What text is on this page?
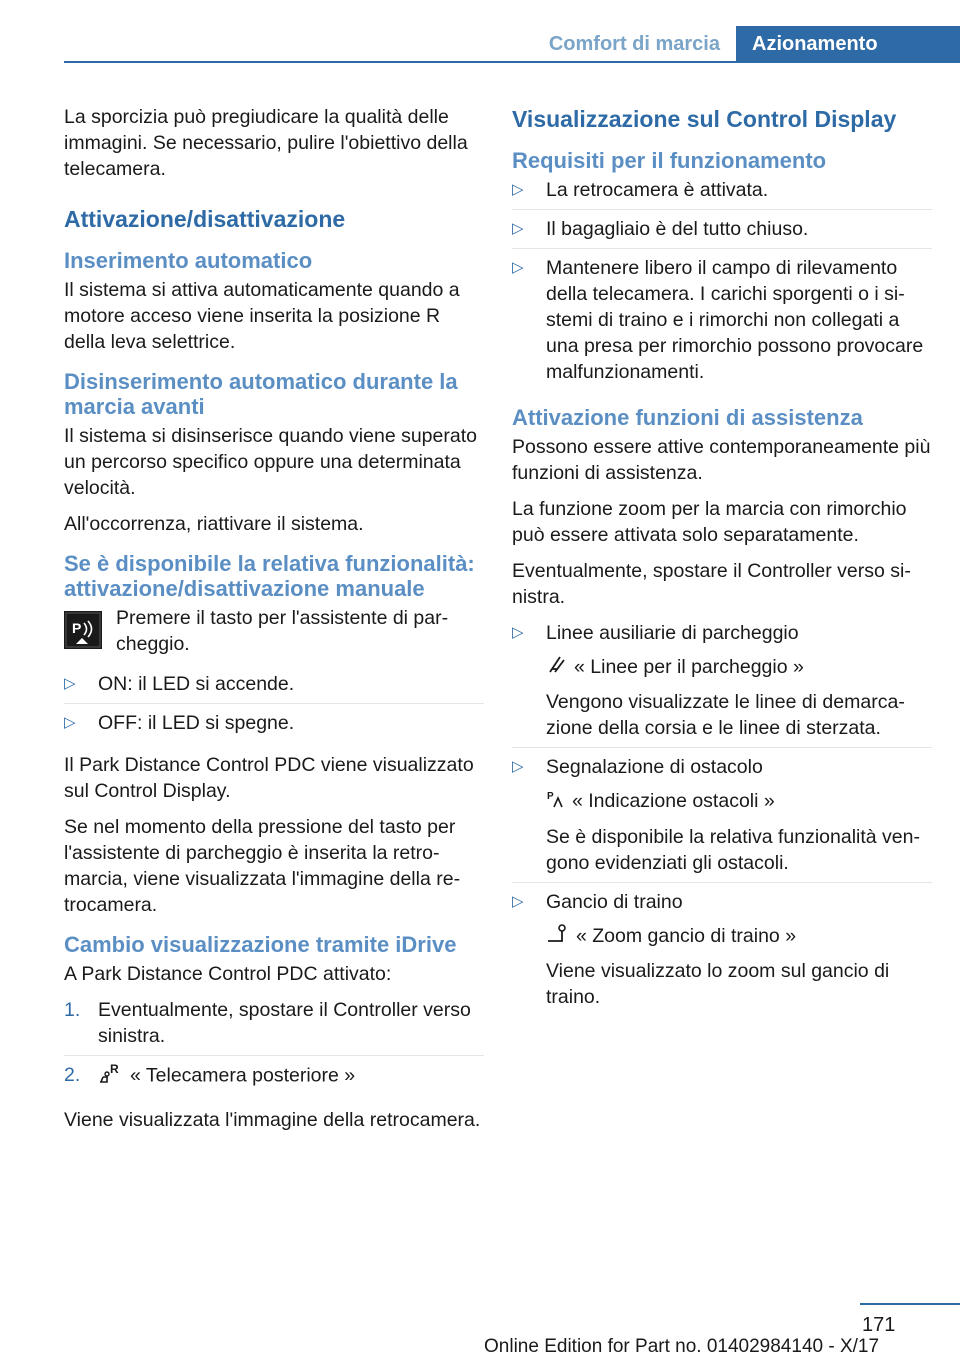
Comfort di marcia	Azionamento

La sporcizia può pregiudicare la qualità delle immagini. Se necessario, pulire l'obiettivo della telecamera.

Attivazione/disattivazione
Inserimento automatico

Il sistema si attiva automaticamente quando a motore acceso viene inserita la posizione R della leva selettrice.

Disinserimento automatico durante la marcia avanti

Il sistema si disinserisce quando viene superato un percorso specifico oppure una determinata velocità.

All'occorrenza, riattivare il sistema.

Se è disponibile la relativa funzionalità: attivazione/disattivazione manuale
P Premere il tasto per l'assistente di parcheggio.

▷ ON: il LED si accende.
▷ OFF: il LED si spegne.

Il Park Distance Control PDC viene visualizzato sul Control Display.

Se nel momento della pressione del tasto per l'assistente di parcheggio è inserita la retromarcia, viene visualizzata l'immagine della retrocamera.

Cambio visualizzazione tramite iDrive

A Park Distance Control PDC attivato:

1. Eventualmente, spostare il Controller verso sinistra.
2. R « Telecamera posteriore »

Viene visualizzata l'immagine della retrocamera.

Visualizzazione sul Control Display
Requisiti per il funzionamento
▷ La retrocamera è attivata.
▷ Il bagagliaio è del tutto chiuso.
▷ Mantenere libero il campo di rilevamento della telecamera. I carichi sporgenti o i sistemi di traino e i rimorchi non collegati a una presa per rimorchio possono provocare malfunzionamenti.
Attivazione funzioni di assistenza

Possono essere attive contemporaneamente più funzioni di assistenza.

La funzione zoom per la marcia con rimorchio può essere attivata solo separatamente.

Eventualmente, spostare il Controller verso sinistra.

▷ Linee ausiliarie di parcheggio
« Linee per il parcheggio »
Vengono visualizzate le linee di demarcazione della corsia e le linee di sterzata.
▷ Segnalazione di ostacolo
P « Indicazione ostacoli »
Se è disponibile la relativa funzionalità vengono evidenziati gli ostacoli.
▷ Gancio di traino
« Zoom gancio di traino »
Viene visualizzato lo zoom sul gancio di traino.
171
Online Edition for Part no. 01402984140 - X/17
